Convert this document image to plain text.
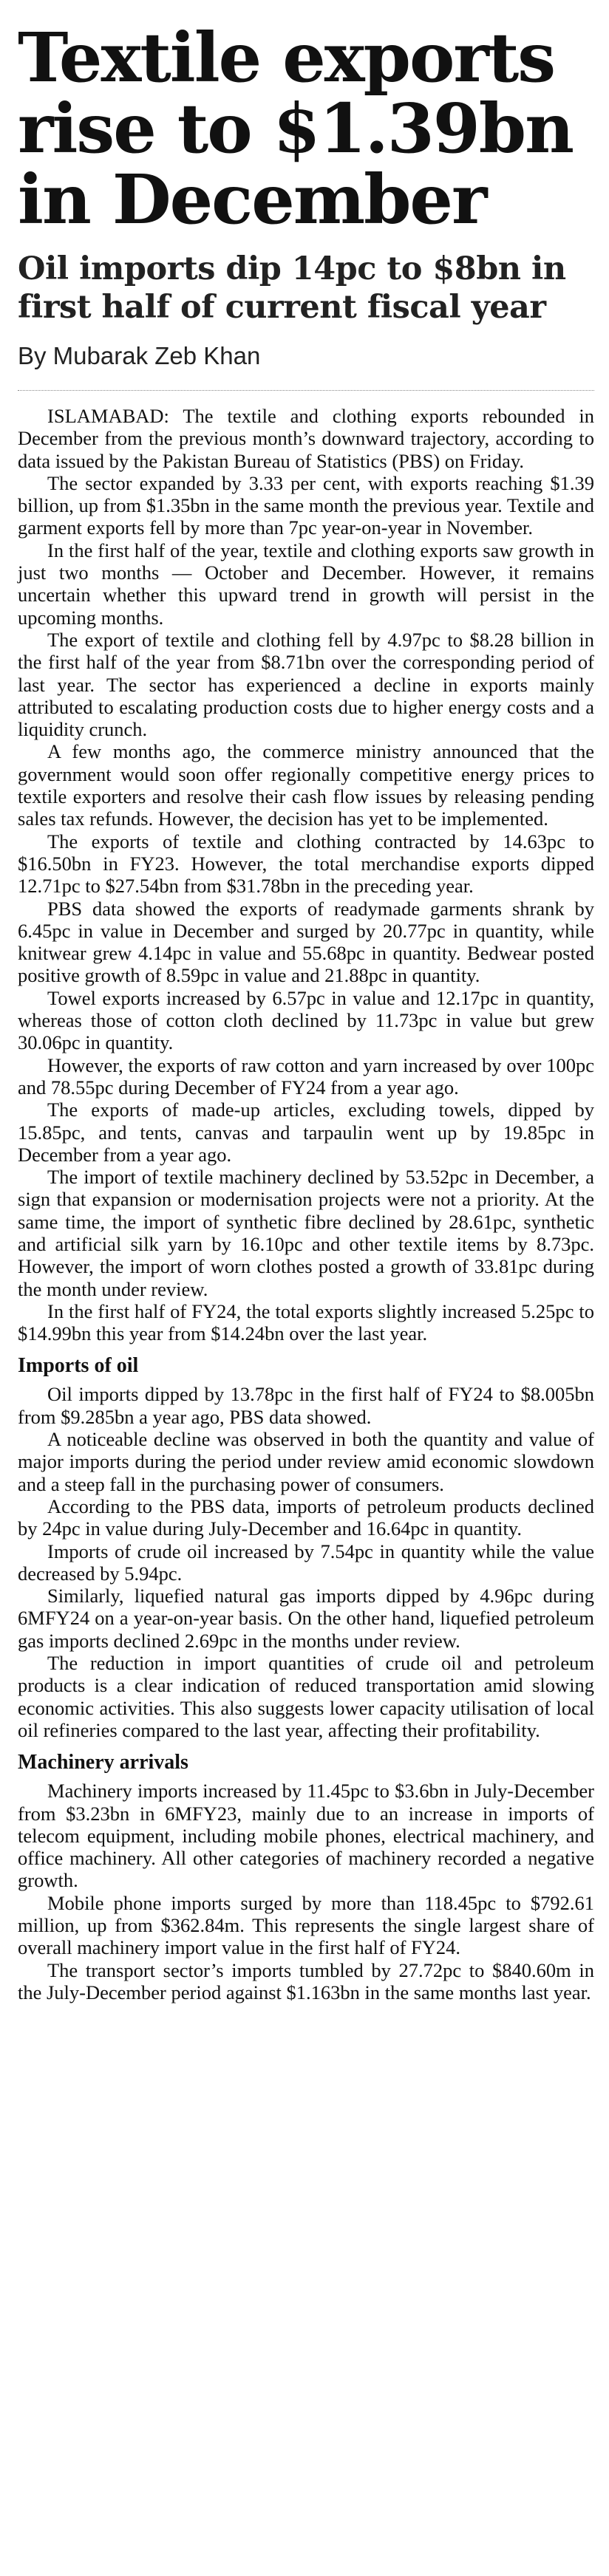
Textile exports rise to $1.39bn in December
Oil imports dip 14pc to $8bn in first half of current fiscal year
By Mubarak Zeb Khan

ISLAMABAD: The textile and clothing exports rebounded in December from the previous month’s downward trajectory, according to data issued by the Pakistan Bureau of Statistics (PBS) on Friday.

The sector expanded by 3.33 per cent, with exports reaching $1.39 billion, up from $1.35bn in the same month the previous year. Textile and garment exports fell by more than 7pc year-on-year in November.

In the first half of the year, textile and clothing exports saw growth in just two months — October and December. However, it remains uncertain whether this upward trend in growth will persist in the upcoming months.

The export of textile and clothing fell by 4.97pc to $8.28 billion in the first half of the year from $8.71bn over the corresponding period of last year. The sector has experienced a decline in exports mainly attributed to escalating production costs due to higher energy costs and a liquidity crunch.

A few months ago, the commerce ministry announced that the government would soon offer regionally competitive energy prices to textile exporters and resolve their cash flow issues by releasing pending sales tax refunds. However, the decision has yet to be implemented.

The exports of textile and clothing contracted by 14.63pc to $16.50bn in FY23. However, the total merchandise exports dipped 12.71pc to $27.54bn from $31.78bn in the preceding year.

PBS data showed the exports of readymade garments shrank by 6.45pc in value in December and surged by 20.77pc in quantity, while knitwear grew 4.14pc in value and 55.68pc in quantity. Bedwear posted positive growth of 8.59pc in value and 21.88pc in quantity.

Towel exports increased by 6.57pc in value and 12.17pc in quantity, whereas those of cotton cloth declined by 11.73pc in value but grew 30.06pc in quantity.

However, the exports of raw cotton and yarn increased by over 100pc and 78.55pc during December of FY24 from a year ago.

The exports of made-up articles, excluding towels, dipped by 15.85pc, and tents, canvas and tarpaulin went up by 19.85pc in December from a year ago.

The import of textile machinery declined by 53.52pc in December, a sign that expansion or modernisation projects were not a priority. At the same time, the import of synthetic fibre declined by 28.61pc, synthetic and artificial silk yarn by 16.10pc and other textile items by 8.73pc. However, the import of worn clothes posted a growth of 33.81pc during the month under review.

In the first half of FY24, the total exports slightly increased 5.25pc to $14.99bn this year from $14.24bn over the last year.

Imports of oil

Oil imports dipped by 13.78pc in the first half of FY24 to $8.005bn from $9.285bn a year ago, PBS data showed.

A noticeable decline was observed in both the quantity and value of major imports during the period under review amid economic slowdown and a steep fall in the purchasing power of consumers.

According to the PBS data, imports of petroleum products declined by 24pc in value during July-December and 16.64pc in quantity.

Imports of crude oil increased by 7.54pc in quantity while the value decreased by 5.94pc.

Similarly, liquefied natural gas imports dipped by 4.96pc during 6MFY24 on a year-on-year basis. On the other hand, liquefied petroleum gas imports declined 2.69pc in the months under review.

The reduction in import quantities of crude oil and petroleum products is a clear indication of reduced transportation amid slowing economic activities. This also suggests lower capacity utilisation of local oil refineries compared to the last year, affecting their profitability.

Machinery arrivals

Machinery imports increased by 11.45pc to $3.6bn in July-December from $3.23bn in 6MFY23, mainly due to an increase in imports of telecom equipment, including mobile phones, electrical machinery, and office machinery. All other categories of machinery recorded a negative growth.

Mobile phone imports surged by more than 118.45pc to $792.61 million, up from $362.84m. This represents the single largest share of overall machinery import value in the first half of FY24.

The transport sector’s imports tumbled by 27.72pc to $840.60m in the July-December period against $1.163bn in the same months last year.
